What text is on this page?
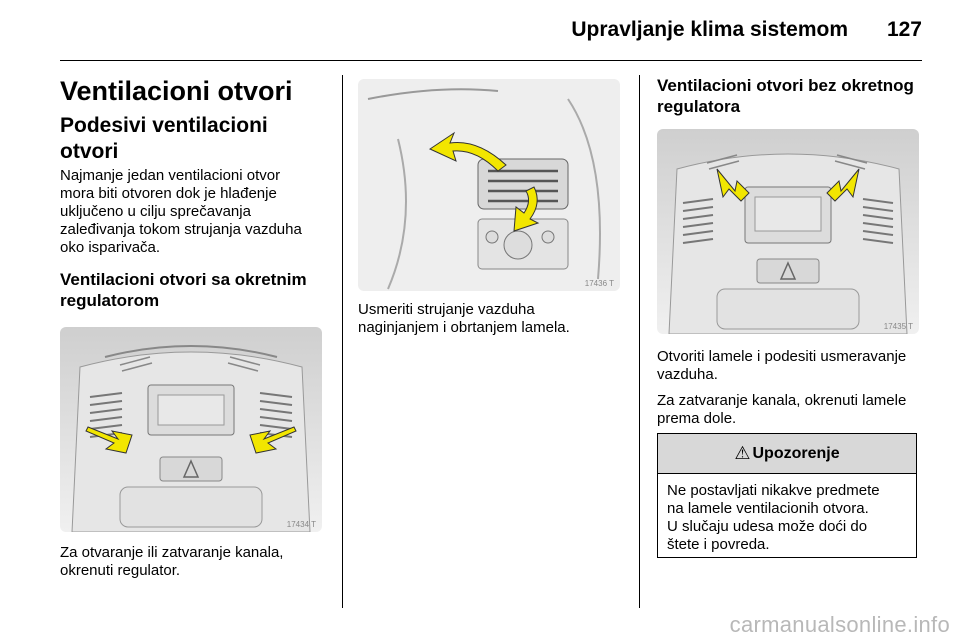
Upravljanje klima sistemom 127
Ventilacioni otvori
Podesivi ventilacioni otvori

Najmanje jedan ventilacioni otvor
mora biti otvoren dok je hlađenje
uključeno u cilju sprečavanja
zaleđivanja tokom strujanja vazduha
oko isparivača.

Ventilacioni otvori sa okretnim
regulatorom
17434 T

Za otvaranje ili zatvaranje kanala,
okrenuti regulator.

17436 T

Usmeriti strujanje vazduha
naginjanjem i obrtanjem lamela.

Ventilacioni otvori bez okretnog
regulatora
17435 T

Otvoriti lamele i podesiti usmeravanje
vazduha.

Za zatvaranje kanala, okrenuti lamele
prema dole.

⚠ Upozorenje
Ne postavljati nikakve predmete
na lamele ventilacionih otvora.
U slučaju udesa može doći do
štete i povreda.
carmanualsonline.info
